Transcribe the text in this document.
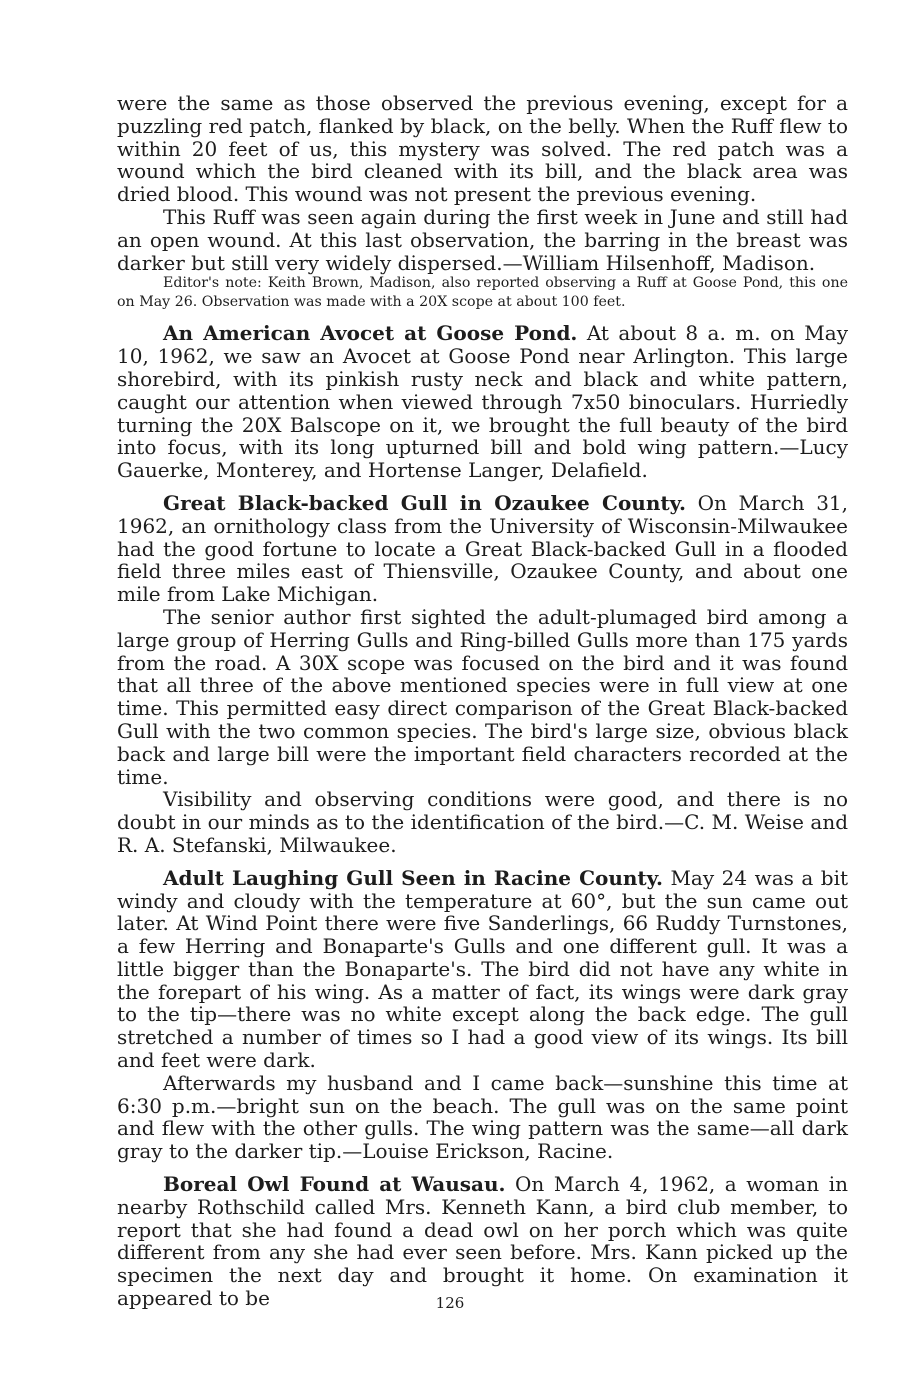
were the same as those observed the previous evening, except for a puzzling red patch, flanked by black, on the belly. When the Ruff flew to within 20 feet of us, this mystery was solved. The red patch was a wound which the bird cleaned with its bill, and the black area was dried blood. This wound was not present the previous evening.

This Ruff was seen again during the first week in June and still had an open wound. At this last observation, the barring in the breast was darker but still very widely dispersed.—William Hilsenhoff, Madison.

Editor's note: Keith Brown, Madison, also reported observing a Ruff at Goose Pond, this one on May 26. Observation was made with a 20X scope at about 100 feet.

An American Avocet at Goose Pond. At about 8 a. m. on May 10, 1962, we saw an Avocet at Goose Pond near Arlington. This large shorebird, with its pinkish rusty neck and black and white pattern, caught our attention when viewed through 7x50 binoculars. Hurriedly turning the 20X Balscope on it, we brought the full beauty of the bird into focus, with its long upturned bill and bold wing pattern.—Lucy Gauerke, Monterey, and Hortense Langer, Delafield.

Great Black-backed Gull in Ozaukee County. On March 31, 1962, an ornithology class from the University of Wisconsin-Milwaukee had the good fortune to locate a Great Black-backed Gull in a flooded field three miles east of Thiensville, Ozaukee County, and about one mile from Lake Michigan.

The senior author first sighted the adult-plumaged bird among a large group of Herring Gulls and Ring-billed Gulls more than 175 yards from the road. A 30X scope was focused on the bird and it was found that all three of the above mentioned species were in full view at one time. This permitted easy direct comparison of the Great Black-backed Gull with the two common species. The bird's large size, obvious black back and large bill were the important field characters recorded at the time.

Visibility and observing conditions were good, and there is no doubt in our minds as to the identification of the bird.—C. M. Weise and R. A. Stefanski, Milwaukee.

Adult Laughing Gull Seen in Racine County. May 24 was a bit windy and cloudy with the temperature at 60°, but the sun came out later. At Wind Point there were five Sanderlings, 66 Ruddy Turnstones, a few Herring and Bonaparte's Gulls and one different gull. It was a little bigger than the Bonaparte's. The bird did not have any white in the forepart of his wing. As a matter of fact, its wings were dark gray to the tip—there was no white except along the back edge. The gull stretched a number of times so I had a good view of its wings. Its bill and feet were dark.

Afterwards my husband and I came back—sunshine this time at 6:30 p.m.—bright sun on the beach. The gull was on the same point and flew with the other gulls. The wing pattern was the same—all dark gray to the darker tip.—Louise Erickson, Racine.

Boreal Owl Found at Wausau. On March 4, 1962, a woman in nearby Rothschild called Mrs. Kenneth Kann, a bird club member, to report that she had found a dead owl on her porch which was quite different from any she had ever seen before. Mrs. Kann picked up the specimen the next day and brought it home. On examination it appeared to be	126
